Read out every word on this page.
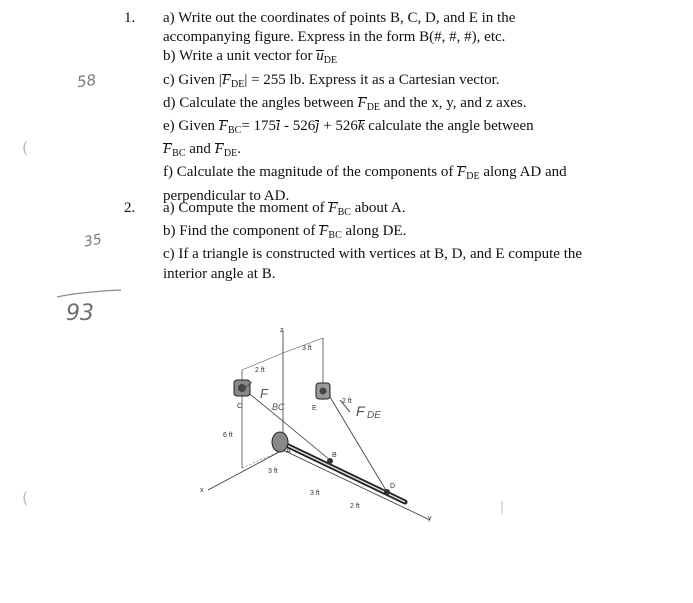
1. a) Write out the coordinates of points B, C, D, and E in the
accompanying figure. Express in the form B(#, #, #), etc.
b) Write a unit vector for $u_{DE}$
c) Given $|F_{DE}| = 255$ lb. Express it as a Cartesian vector.
d) Calculate the angles between $F_{DE}$ and the x, y, and z axes.
e) Given $F_{BC}= 175i - 526j + 526k$ calculate the angle between
$F_{BC}$ and $F_{DE}$.
f) Calculate the magnitude of the components of $F_{DE}$ along AD and
perpendicular to AD.
2. a) Compute the moment of $F_{BC}$ about A.
b) Find the component of $F_{BC}$ along DE.
c) If a triangle is constructed with vertices at B, D, and E compute the
interior angle at B.
58
35
93
(
(	|
z
x
y
2 ft
3 ft
2 ft
6 ft
3 ft
3 ft
2 ft
C	E
A
B
D
F
BC	F DE
